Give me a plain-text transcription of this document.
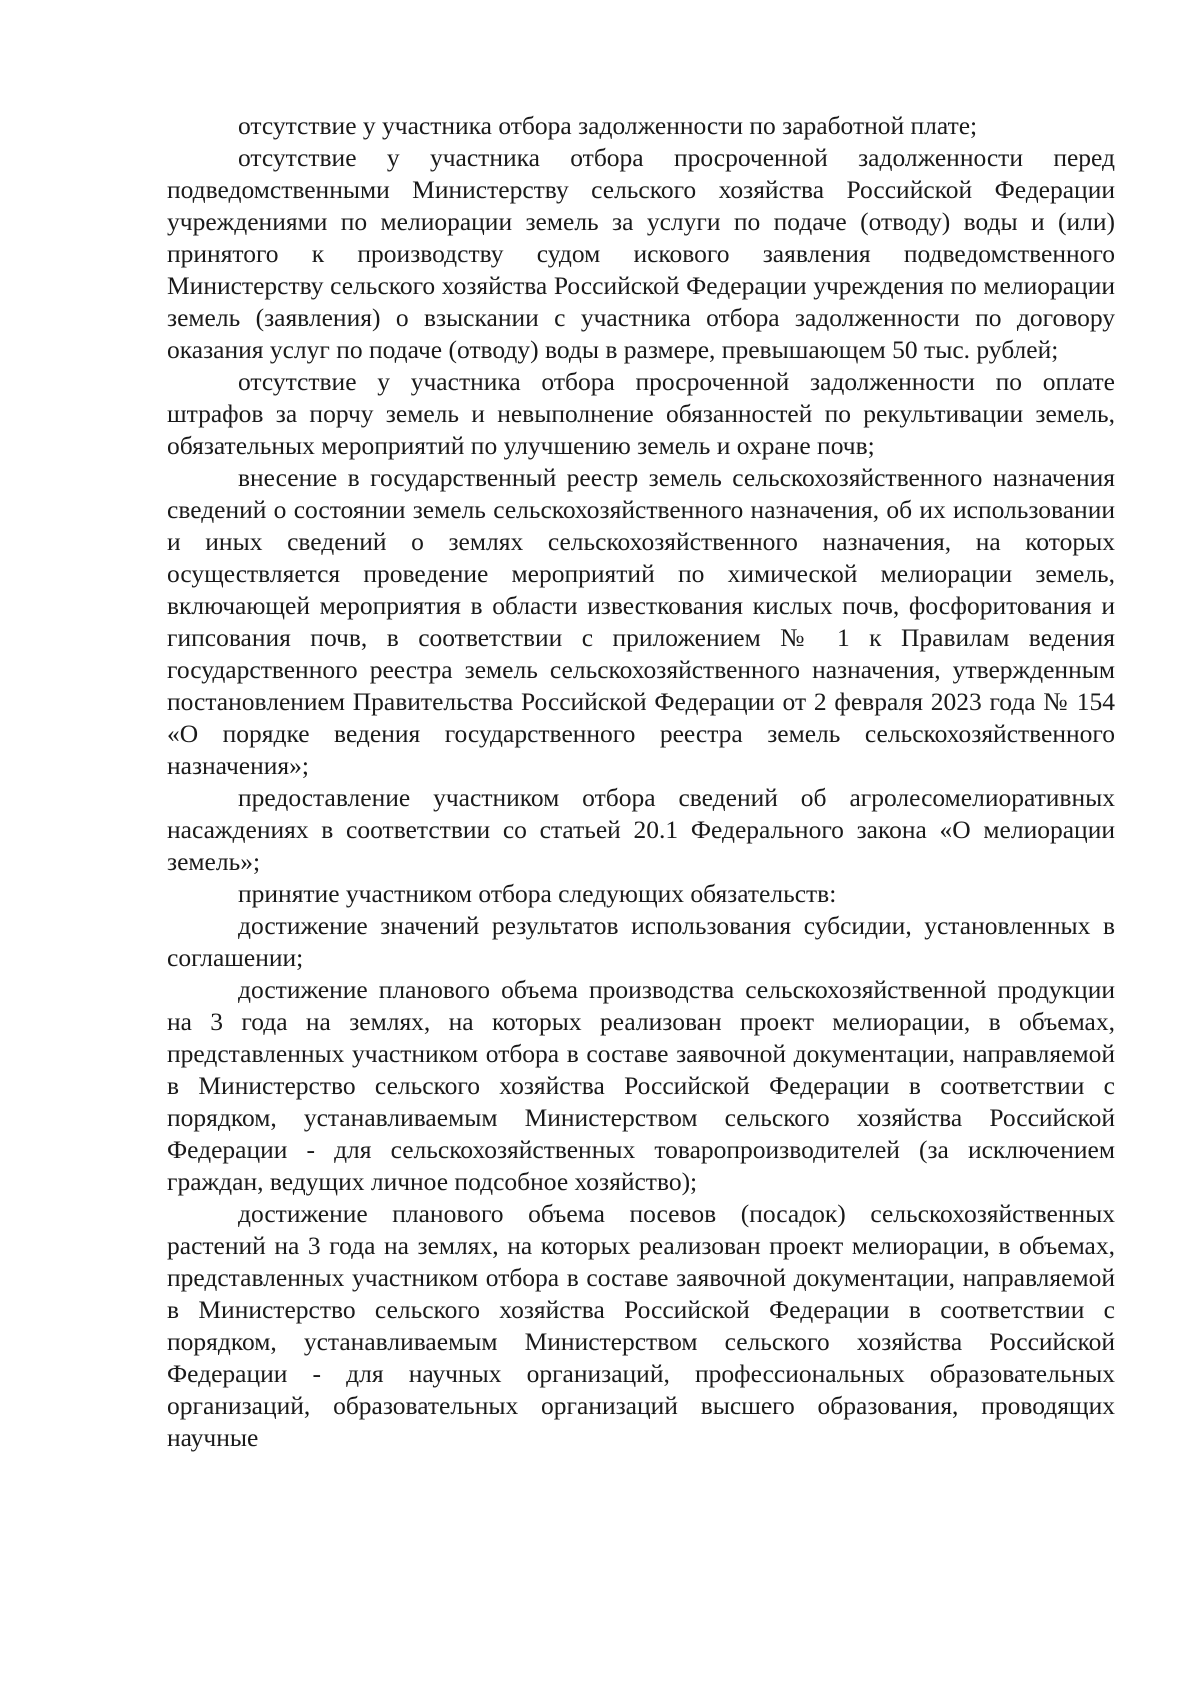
отсутствие у участника отбора задолженности по заработной плате;

отсутствие у участника отбора просроченной задолженности перед подведомственными Министерству сельского хозяйства Российской Федерации учреждениями по мелиорации земель за услуги по подаче (отводу) воды и (или) принятого к производству судом искового заявления подведомственного Министерству сельского хозяйства Российской Федерации учреждения по мелиорации земель (заявления) о взыскании с участника отбора задолженности по договору оказания услуг по подаче (отводу) воды в размере, превышающем 50 тыс. рублей;

отсутствие у участника отбора просроченной задолженности по оплате штрафов за порчу земель и невыполнение обязанностей по рекультивации земель, обязательных мероприятий по улучшению земель и охране почв;

внесение в государственный реестр земель сельскохозяйственного назначения сведений о состоянии земель сельскохозяйственного назначения, об их использовании и иных сведений о землях сельскохозяйственного назначения, на которых осуществляется проведение мероприятий по химической мелиорации земель, включающей мероприятия в области известкования кислых почв, фосфоритования и гипсования почв, в соответствии с приложением № 1 к Правилам ведения государственного реестра земель сельскохозяйственного назначения, утвержденным постановлением Правительства Российской Федерации от 2 февраля 2023 года № 154 «О порядке ведения государственного реестра земель сельскохозяйственного назначения»;

предоставление участником отбора сведений об агролесомелиоративных насаждениях в соответствии со статьей 20.1 Федерального закона «О мелиорации земель»;

принятие участником отбора следующих обязательств:

достижение значений результатов использования субсидии, установленных в соглашении;

достижение планового объема производства сельскохозяйственной продукции на 3 года на землях, на которых реализован проект мелиорации, в объемах, представленных участником отбора в составе заявочной документации, направляемой в Министерство сельского хозяйства Российской Федерации в соответствии с порядком, устанавливаемым Министерством сельского хозяйства Российской Федерации - для сельскохозяйственных товаропроизводителей (за исключением граждан, ведущих личное подсобное хозяйство);

достижение планового объема посевов (посадок) сельскохозяйственных растений на 3 года на землях, на которых реализован проект мелиорации, в объемах, представленных участником отбора в составе заявочной документации, направляемой в Министерство сельского хозяйства Российской Федерации в соответствии с порядком, устанавливаемым Министерством сельского хозяйства Российской Федерации - для научных организаций, профессиональных образовательных организаций, образовательных организаций высшего образования, проводящих научные
